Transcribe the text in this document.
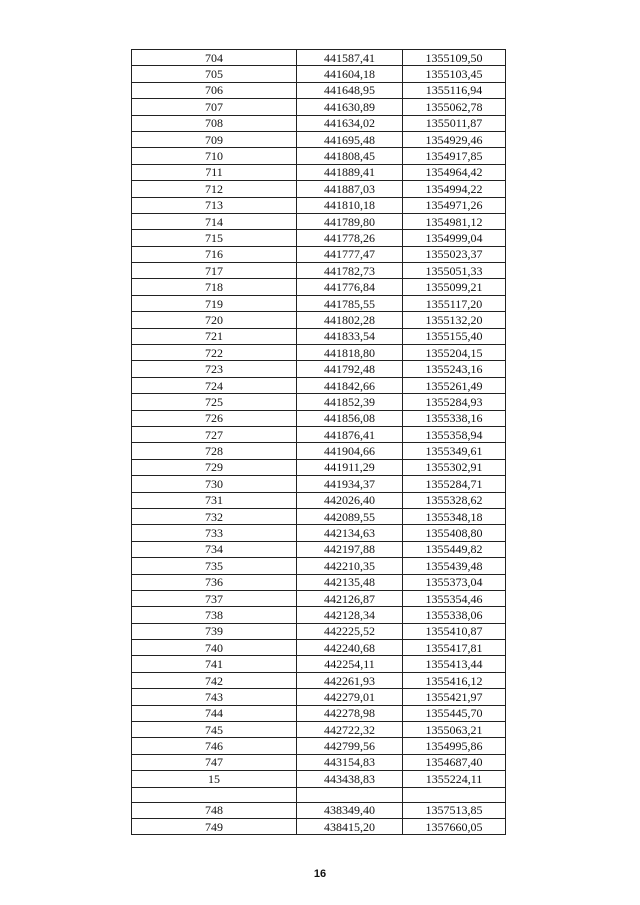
704	441587,41	1355109,50
705	441604,18	1355103,45
706	441648,95	1355116,94
707	441630,89	1355062,78
708	441634,02	1355011,87
709	441695,48	1354929,46
710	441808,45	1354917,85
711	441889,41	1354964,42
712	441887,03	1354994,22
713	441810,18	1354971,26
714	441789,80	1354981,12
715	441778,26	1354999,04
716	441777,47	1355023,37
717	441782,73	1355051,33
718	441776,84	1355099,21
719	441785,55	1355117,20
720	441802,28	1355132,20
721	441833,54	1355155,40
722	441818,80	1355204,15
723	441792,48	1355243,16
724	441842,66	1355261,49
725	441852,39	1355284,93
726	441856,08	1355338,16
727	441876,41	1355358,94
728	441904,66	1355349,61
729	441911,29	1355302,91
730	441934,37	1355284,71
731	442026,40	1355328,62
732	442089,55	1355348,18
733	442134,63	1355408,80
734	442197,88	1355449,82
735	442210,35	1355439,48
736	442135,48	1355373,04
737	442126,87	1355354,46
738	442128,34	1355338,06
739	442225,52	1355410,87
740	442240,68	1355417,81
741	442254,11	1355413,44
742	442261,93	1355416,12
743	442279,01	1355421,97
744	442278,98	1355445,70
745	442722,32	1355063,21
746	442799,56	1354995,86
747	443154,83	1354687,40
15	443438,83	1355224,11

748	438349,40	1357513,85
749	438415,20	1357660,05
16
